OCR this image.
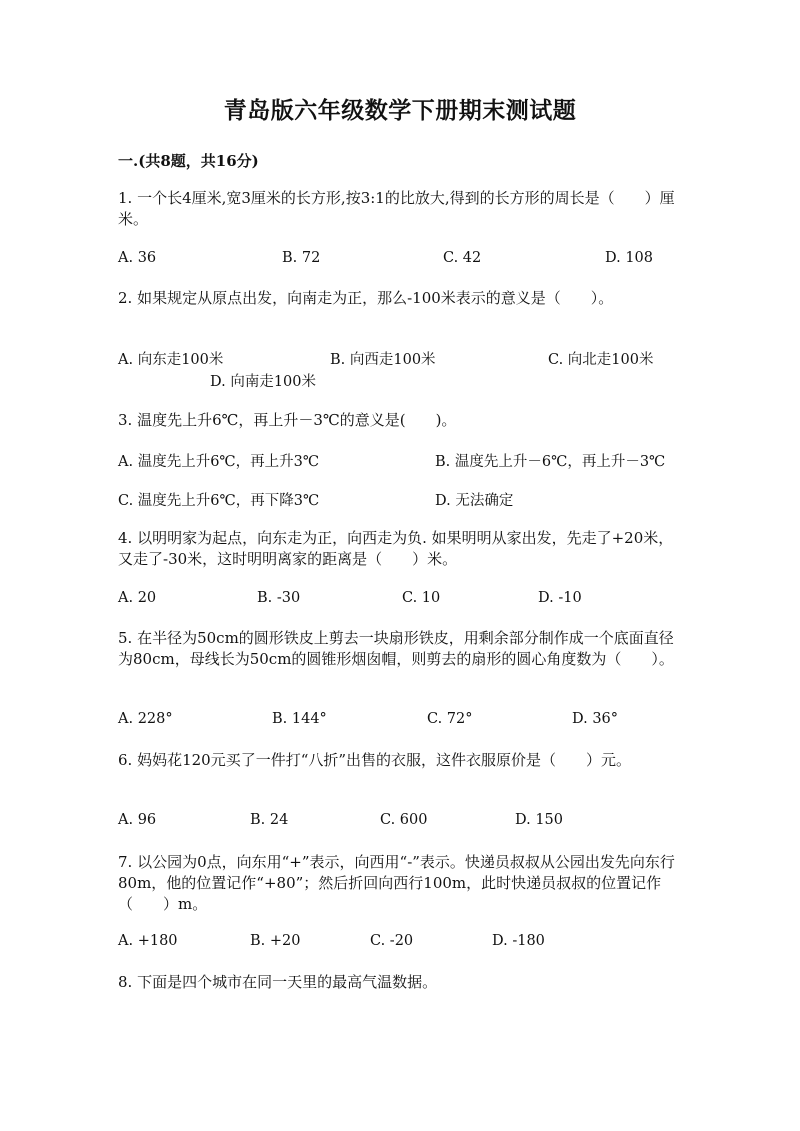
青岛版六年级数学下册期末测试题
一.(共8题，共16分)
1. 一个长4厘米,宽3厘米的长方形,按3:1的比放大,得到的长方形的周长是（　　）厘米。
A. 36	B. 72	C. 42	D. 108
2. 如果规定从原点出发，向南走为正，那么-100米表示的意义是（　　）。
A. 向东走100米	B. 向西走100米	C. 向北走100米
D. 向南走100米
3. 温度先上升6℃，再上升－3℃的意义是(　　)。
A. 温度先上升6℃，再上升3℃	B. 温度先上升－6℃，再上升－3℃
C. 温度先上升6℃，再下降3℃	D. 无法确定
4. 以明明家为起点，向东走为正，向西走为负. 如果明明从家出发，先走了+20米，又走了-30米，这时明明离家的距离是（　　）米。
A. 20	B. -30	C. 10	D. -10
5. 在半径为50cm的圆形铁皮上剪去一块扇形铁皮，用剩余部分制作成一个底面直径为80cm，母线长为50cm的圆锥形烟囱帽，则剪去的扇形的圆心角度数为（　　）。
A. 228°	B. 144°	C. 72°	D. 36°
6. 妈妈花120元买了一件打“八折”出售的衣服，这件衣服原价是（　　）元。
A. 96	B. 24	C. 600	D. 150
7. 以公园为0点，向东用“+”表示，向西用“-”表示。快递员叔叔从公园出发先向东行80m，他的位置记作“+80”；然后折回向西行100m，此时快递员叔叔的位置记作（　　）m。
A. +180	B. +20	C. -20	D. -180
8. 下面是四个城市在同一天里的最高气温数据。
